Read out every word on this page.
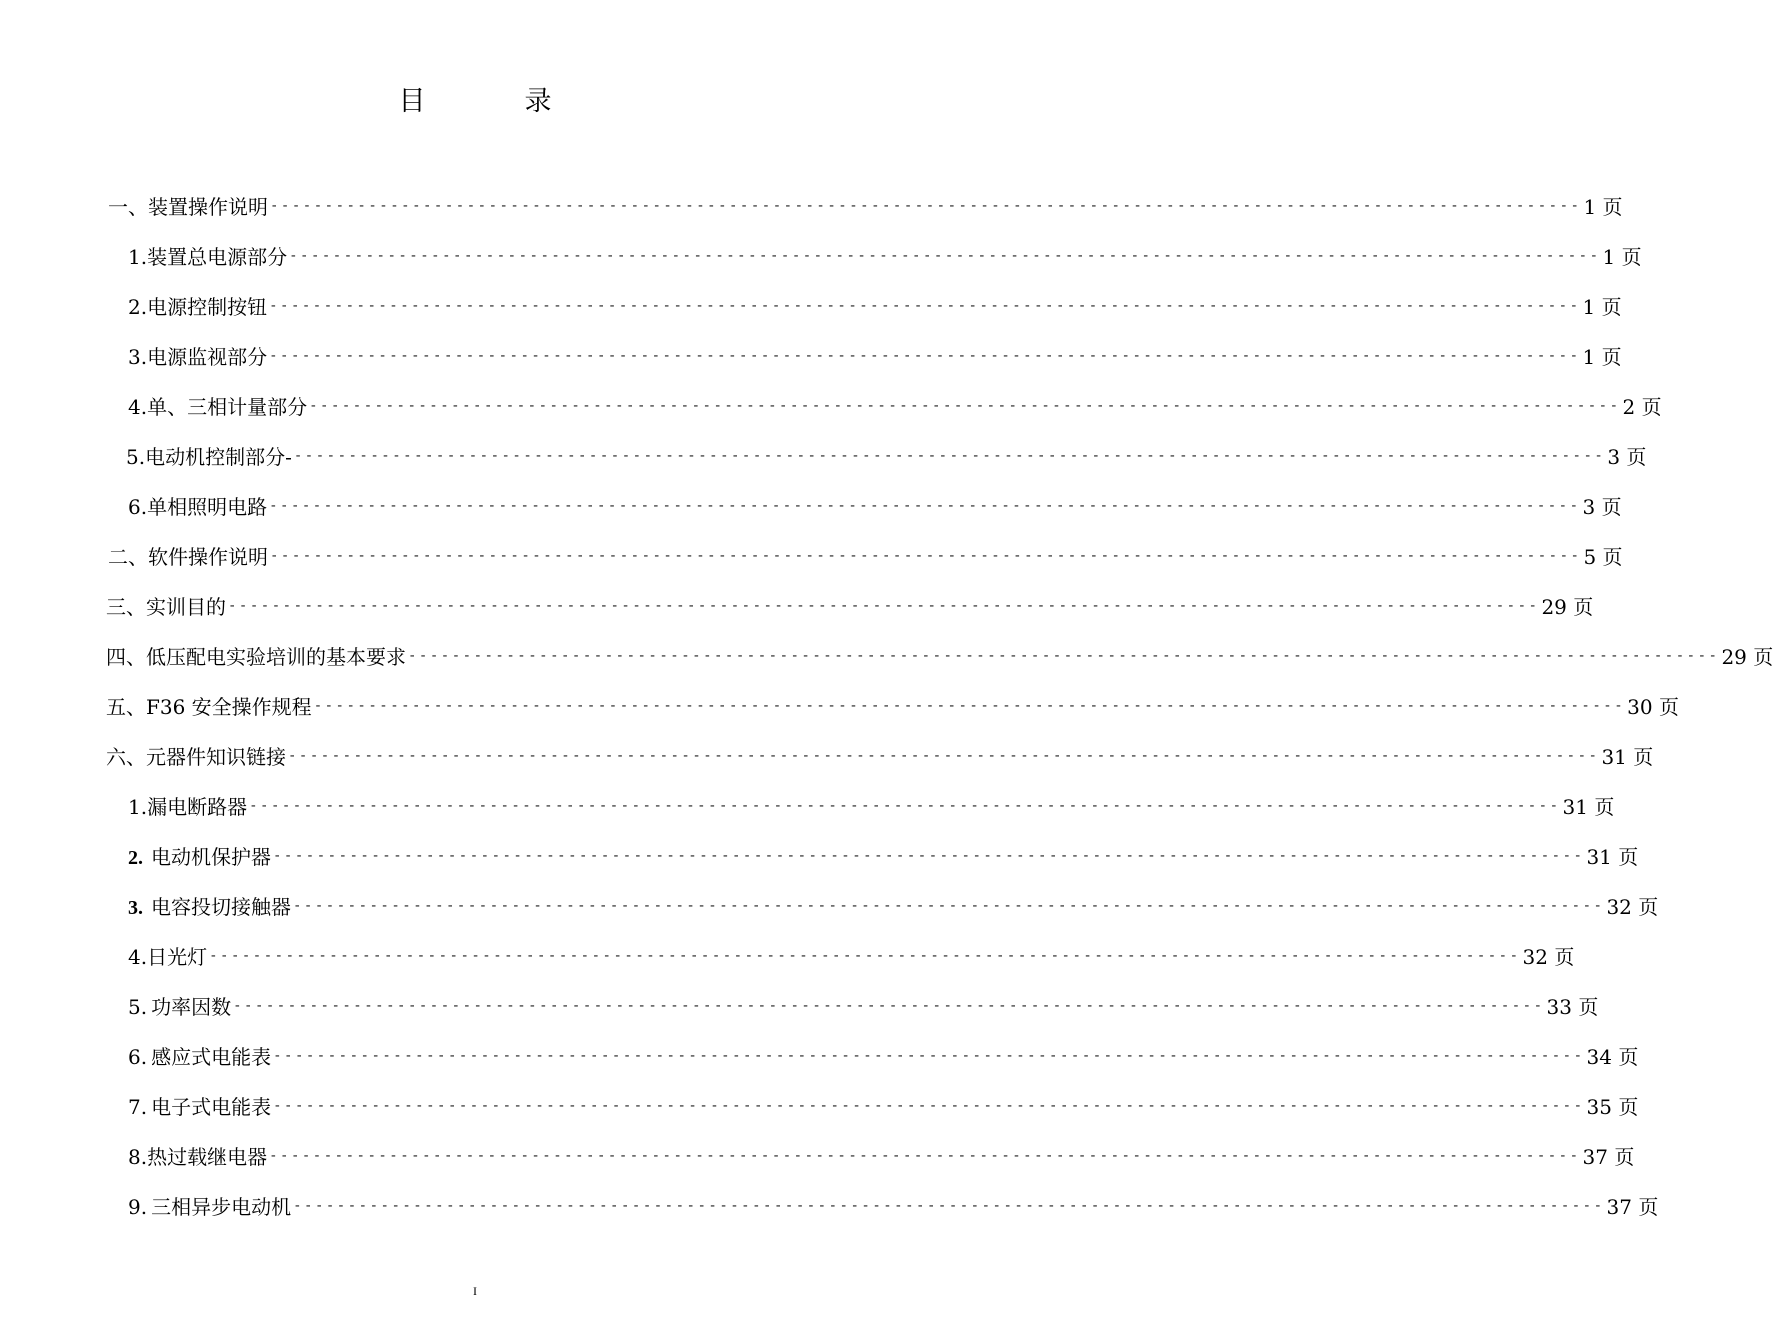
目　录
一、装置操作说明 ------------------------------------------------------------------------------------------------------------------------ 1 页
1. 装置总电源部分 ------------------------------------------------------------------------------------------------------------------------ 1 页
2. 电源控制按钮 ------------------------------------------------------------------------------------------------------------------------ 1 页
3. 电源监视部分 ------------------------------------------------------------------------------------------------------------------------ 1 页
4. 单、三相计量部分 ------------------------------------------------------------------------------------------------------------------------ 2 页
5. 电动机控制部分- ------------------------------------------------------------------------------------------------------------------------ 3 页
6. 单相照明电路 ------------------------------------------------------------------------------------------------------------------------ 3 页
二、软件操作说明 ------------------------------------------------------------------------------------------------------------------------ 5 页
三、实训目的 ------------------------------------------------------------------------------------------------------------------------ 29 页
四、低压配电实验培训的基本要求 ------------------------------------------------------------------------------------------------------------------------ 29 页
五、F36 安全操作规程 ------------------------------------------------------------------------------------------------------------------------ 30 页
六、元器件知识链接 ------------------------------------------------------------------------------------------------------------------------ 31 页
1. 漏电断路器 ------------------------------------------------------------------------------------------------------------------------ 31 页
2. 电动机保护器 ------------------------------------------------------------------------------------------------------------------------ 31 页
3. 电容投切接触器 ------------------------------------------------------------------------------------------------------------------------ 32 页
4. 日光灯 ------------------------------------------------------------------------------------------------------------------------ 32 页
5. 功率因数 ------------------------------------------------------------------------------------------------------------------------ 33 页
6. 感应式电能表 ------------------------------------------------------------------------------------------------------------------------ 34 页
7. 电子式电能表 ------------------------------------------------------------------------------------------------------------------------ 35 页
8. 热过载继电器 ------------------------------------------------------------------------------------------------------------------------ 37 页
9. 三相异步电动机 ------------------------------------------------------------------------------------------------------------------------ 37 页
I
